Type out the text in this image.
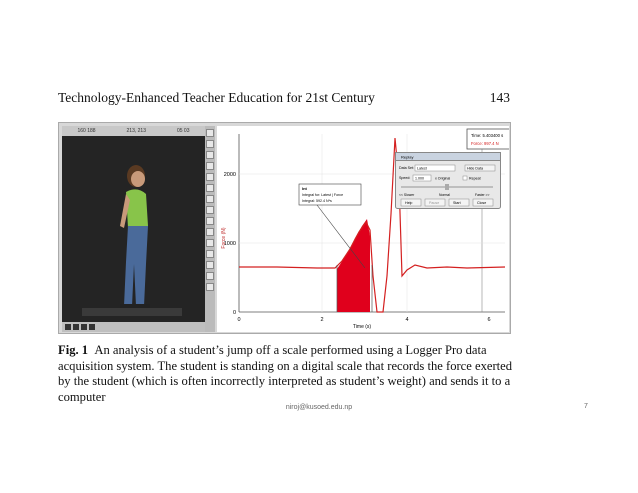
Technology-Enhanced Teacher Education for 21st Century	143
160 188	213, 213	05 03
2000
1000
0
0	2	4	6
Time (s)
Force (N)
Int
Integral for: Latest | Force
Integral: 592.4 N*s
Time: 5.403400 s
Force: 997.4 N
Replay
Data Set: Latest	Hide Data
Speed: 1.000	x Original	Repeat
<< Slower	Normal	Faster >>
Help	Pause	Start	Close
Fig. 1 An analysis of a student’s jump off a scale performed using a Logger Pro data acquisition system. The student is standing on a digital scale that records the force exerted by the student (which is often incorrectly interpreted as student’s weight) and sends it to a computer
niroj@kusoed.edu.np	7
